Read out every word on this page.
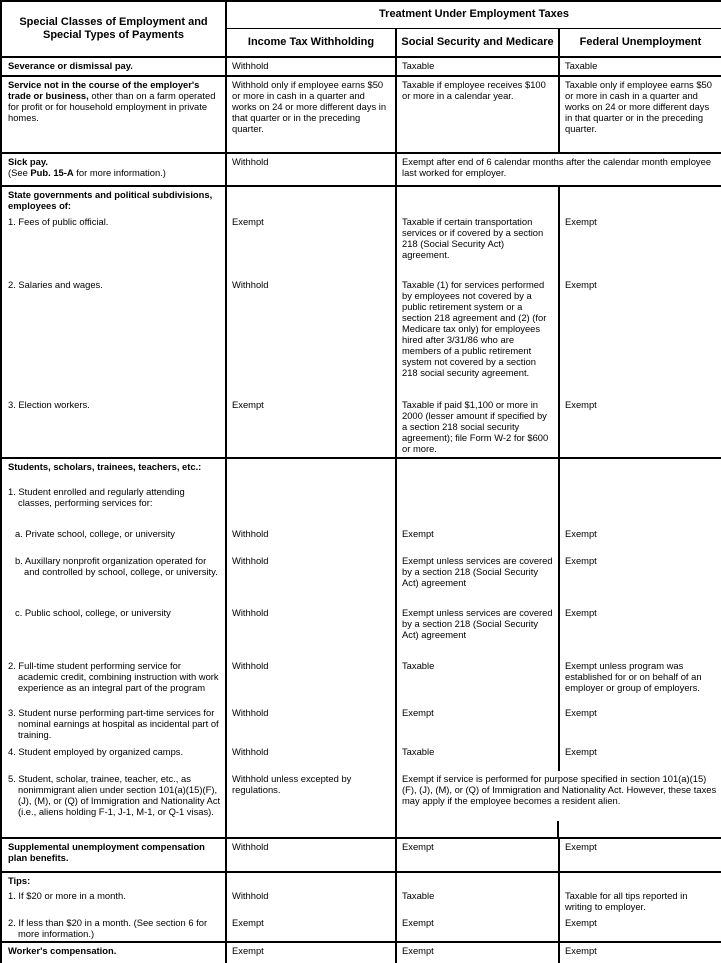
Special Classes of Employment and
Special Types of Payments	Treatment Under Employment Taxes		
	Income Tax Withholding	Social Security and Medicare	Federal Unemployment

Severance or dismissal pay.	Withhold	Taxable	Taxable

Service not in the course of the employer's trade or business, other than on a farm operated for profit or for household employment in private homes.	Withhold only if employee earns $50 or more in cash in a quarter and works on 24 or more different days in that quarter or in the preceding quarter.	Taxable if employee receives $100 or more in a calendar year.	Taxable only if employee earns $50 or more in cash in a quarter and works on 24 or more different days in that quarter or in the preceding quarter.

Sick pay.
(See Pub. 15-A for more information.)	Withhold	Exempt after end of 6 calendar months after the calendar month employee last worked for employer.	

State governments and political subdivisions, employees of:			

1. Fees of public official.	Exempt	Taxable if certain transportation services or if covered by a section 218 (Social Security Act) agreement.	Exempt

2. Salaries and wages.	Withhold	Taxable (1) for services performed by employees not covered by a public retirement system or a section 218 agreement and (2) (for Medicare tax only) for employees hired after 3/31/86 who are members of a public retirement system not covered by a section 218 social security agreement.	Exempt

3. Election workers.	Exempt	Taxable if paid $1,100 or more in 2000 (lesser amount if specified by a section 218 social security agreement); file Form W-2 for $600 or more.	Exempt

Students, scholars, trainees, teachers, etc.:			

1. Student enrolled and regularly attending classes, performing services for:			

a. Private school, college, or university	Withhold	Exempt	Exempt

b. Auxillary nonprofit organization operated for and controlled by school, college, or university.	Withhold	Exempt unless services are covered by a section 218 (Social Security Act) agreement	Exempt

c. Public school, college, or university	Withhold	Exempt unless services are covered by a section 218 (Social Security Act) agreement	Exempt

2. Full-time student performing service for academic credit, combining instruction with work experience as an integral part of the program	Withhold	Taxable	Exempt unless program was established for or on behalf of an employer or group of employers.

3. Student nurse performing part-time services for nominal earnings at hospital as incidental part of training.	Withhold	Exempt	Exempt

4. Student employed by organized camps.	Withhold	Taxable	Exempt

5. Student, scholar, trainee, teacher, etc., as nonimmigrant alien under section 101(a)(15)(F), (J), (M), or (Q) of Immigration and Nationality Act (i.e., aliens holding F-1, J-1, M-1, or Q-1 visas).	Withhold unless excepted by regulations.	Exempt if service is performed for purpose specified in section 101(a)(15)(F), (J), (M), or (Q) of Immigration and Nationality Act. However, these taxes may apply if the employee becomes a resident alien.	

Supplemental unemployment compensation plan benefits.	Withhold	Exempt	Exempt

Tips:			

1. If $20 or more in a month.	Withhold	Taxable	Taxable for all tips reported in writing to employer.

2. If less than $20 in a month. (See section 6 for more information.)	Exempt	Exempt	Exempt

Worker's compensation.	Exempt	Exempt	Exempt
